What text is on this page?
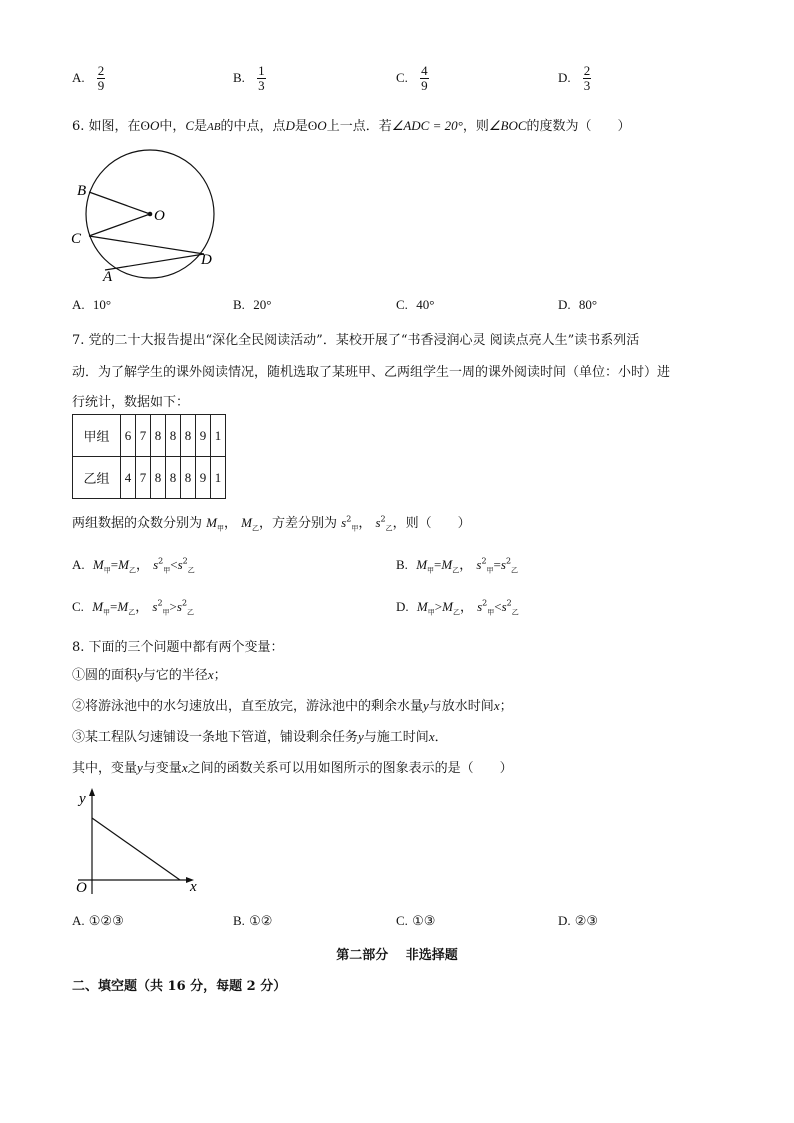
A. $\frac{2}{9}$	B. $\frac{1}{3}$	C. $\frac{4}{9}$	D. $\frac{2}{3}$
6. 如图，在ʘO中，C是AB的中点，点D是ʘO上一点．若∠ADC = 20°，则∠BOC的度数为（　　）
B
O
C
A
D
A. 10°	B. 20°	C. 40°	D. 80°
7. 党的二十大报告提出“深化全民阅读活动”．某校开展了“书香浸润心灵 阅读点亮人生”读书系列活
动．为了解学生的课外阅读情况，随机选取了某班甲、乙两组学生一周的课外阅读时间（单位：小时）进
行统计，数据如下：
甲组	6	7	8	8	8	9	1
乙组	4	7	8	8	8	9	1
两组数据的众数分别为 $M_甲$， $M_乙$，方差分别为 $s^2_甲$， $s^2_乙$，则（　　）
A. $M_甲=M_乙$， $s^2_甲<s^2_乙$	B. $M_甲=M_乙$， $s^2_甲=s^2_乙$
C. $M_甲=M_乙$， $s^2_甲>s^2_乙$	D. $M_甲>M_乙$， $s^2_甲<s^2_乙$
8. 下面的三个问题中都有两个变量：
①圆的面积y与它的半径x；
②将游泳池中的水匀速放出，直至放完，游泳池中的剩余水量y与放水时间x；
③某工程队匀速铺设一条地下管道，铺设剩余任务y与施工时间x．
其中，变量y与变量x之间的函数关系可以用如图所示的图象表示的是（　　）
y
x
O
A. ①②③	B. ①②	C. ①③	D. ②③
第二部分　 非选择题
二、填空题（共 16 分，每题 2 分）
